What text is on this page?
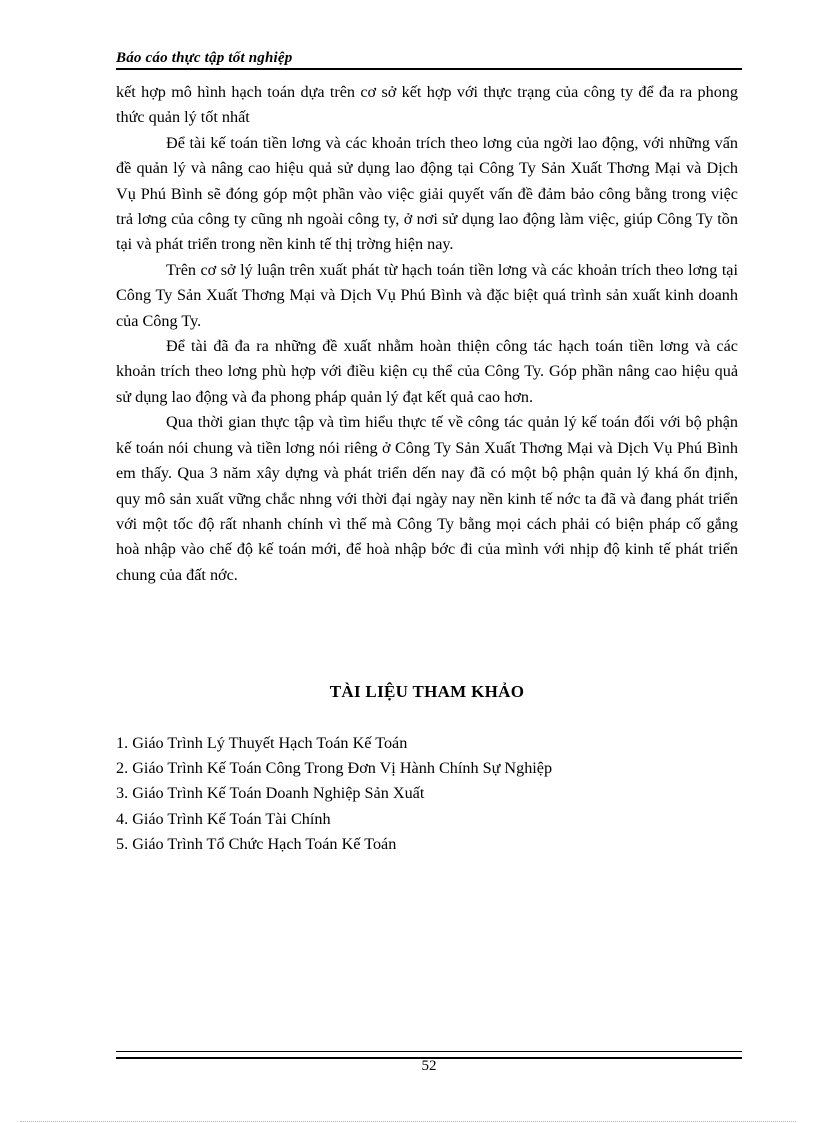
Báo cáo thực tập tốt nghiệp

kết hợp mô hình hạch toán dựa trên cơ sở kết hợp với thực trạng của công ty để đa ra phong thức quản lý tốt nhất

Để tài kế toán tiền lơng và các khoản trích theo lơng của ngời lao động, với những vấn đề quản lý và nâng cao hiệu quả sử dụng lao động tại Công Ty Sản Xuất Thơng Mại và Dịch Vụ Phú Bình sẽ đóng góp một phần vào việc giải quyết vấn đề đảm bảo công bằng trong việc trả lơng của công ty cũng nh ngoài công ty, ở nơi sử dụng lao động làm việc, giúp Công Ty tồn tại và phát triển trong nền kinh tế thị trờng hiện nay.

Trên cơ sở lý luận trên xuất phát từ hạch toán tiền lơng và các khoản trích theo lơng tại Công Ty Sản Xuất Thơng Mại và Dịch Vụ Phú Bình và đặc biệt quá trình sản xuất kinh doanh của Công Ty.

Để tài đã đa ra những đề xuất nhằm hoàn thiện công tác hạch toán tiền lơng và các khoản trích theo lơng phù hợp với điều kiện cụ thể của Công Ty. Góp phần nâng cao hiệu quả sử dụng lao động và đa phong pháp quản lý đạt kết quả cao hơn.

Qua thời gian thực tập và tìm hiểu thực tế về công tác quản lý kế toán đối với bộ phận kế toán nói chung và tiền lơng nói riêng ở Công Ty Sản Xuất Thơng Mại và Dịch Vụ Phú Bình em thấy. Qua 3 năm xây dựng và phát triển dến nay đã có một bộ phận quản lý khá ổn định, quy mô sản xuất vững chắc nhng với thời đại ngày nay nền kinh tế nớc ta đã và đang phát triển với một tốc độ rất nhanh chính vì thế mà Công Ty bằng mọi cách phải có biện pháp cố gắng hoà nhập vào chế độ kế toán mới, để hoà nhập bớc đi của mình với nhịp độ kinh tế phát triển chung của đất nớc.

TÀI LIỆU THAM KHẢO
1. Giáo Trình Lý Thuyết Hạch Toán Kế Toán
2. Giáo Trình Kế Toán Công Trong Đơn Vị Hành Chính Sự Nghiệp
3. Giáo Trình Kế Toán Doanh Nghiệp Sản Xuất
4. Giáo Trình Kế Toán Tài Chính
5. Giáo Trình Tổ Chức Hạch Toán Kế Toán
52
